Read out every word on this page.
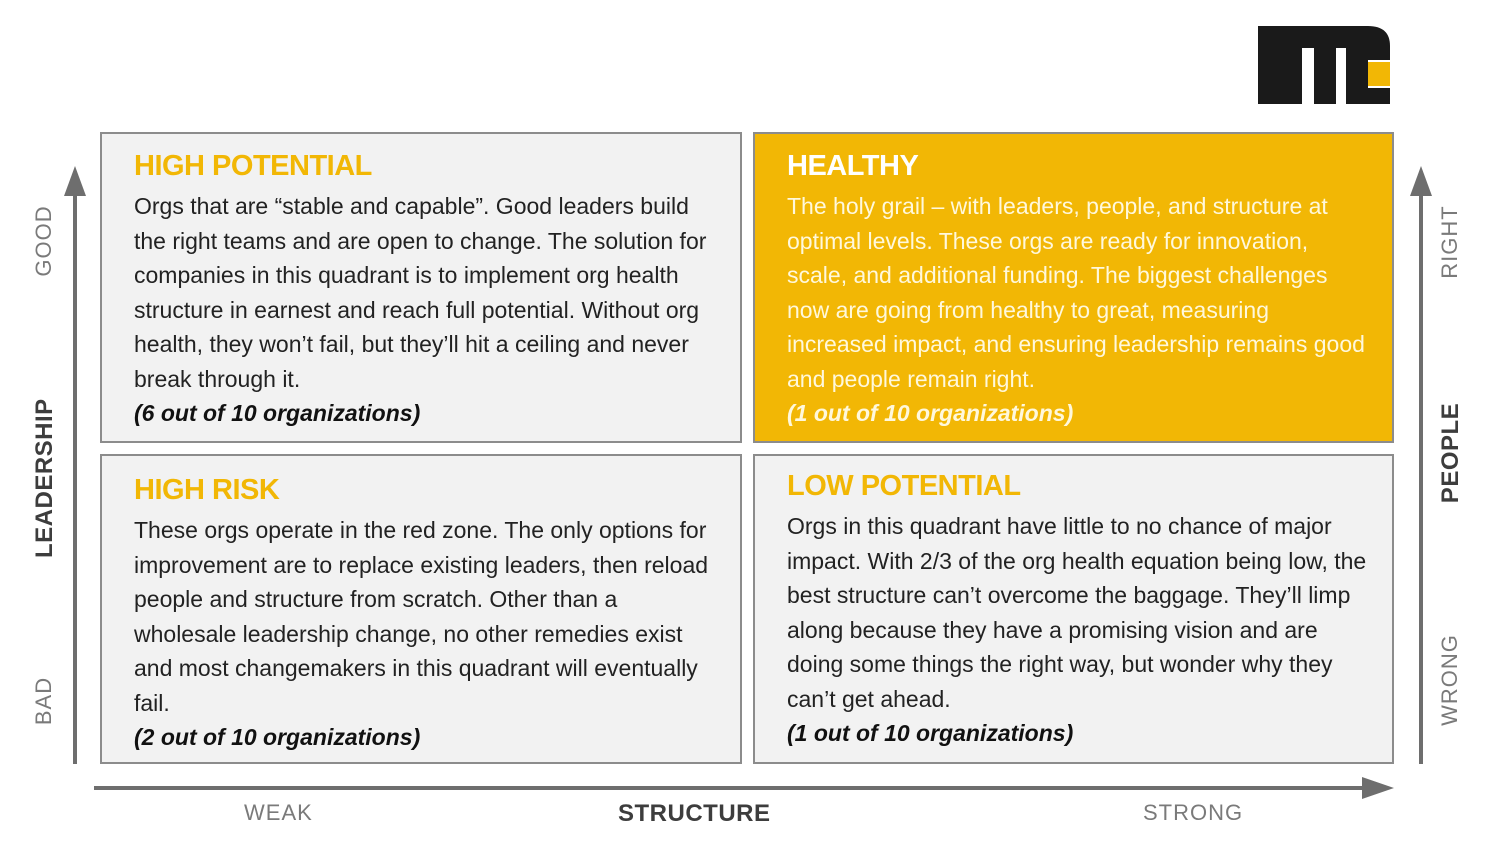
HIGH POTENTIAL

Orgs that are “stable and capable”. Good leaders build the right teams and are open to change. The solution for companies in this quadrant is to implement org health structure in earnest and reach full potential. Without org health, they won’t fail, but they’ll hit a ceiling and never break through it.

(6 out of 10 organizations)

HEALTHY

The holy grail – with leaders, people, and structure at optimal levels. These orgs are ready for innovation, scale, and additional funding. The biggest challenges now are going from healthy to great, measuring increased impact, and ensuring leadership remains good and people remain right.

(1 out of 10 organizations)

HIGH RISK

These orgs operate in the red zone. The only options for improvement are to replace existing leaders, then reload people and structure from scratch. Other than a wholesale leadership change, no other remedies exist and most changemakers in this quadrant will eventually fail.

(2 out of 10 organizations)

LOW POTENTIAL

Orgs in this quadrant have little to no chance of major impact. With 2/3 of the org health equation being low, the best structure can’t overcome the baggage. They’ll limp along because they have a promising vision and are doing some things the right way, but wonder why they can’t get ahead.

(1 out of 10 organizations)

GOOD
LEADERSHIP
BAD
RIGHT
PEOPLE
WRONG
WEAK	STRUCTURE	STRONG
